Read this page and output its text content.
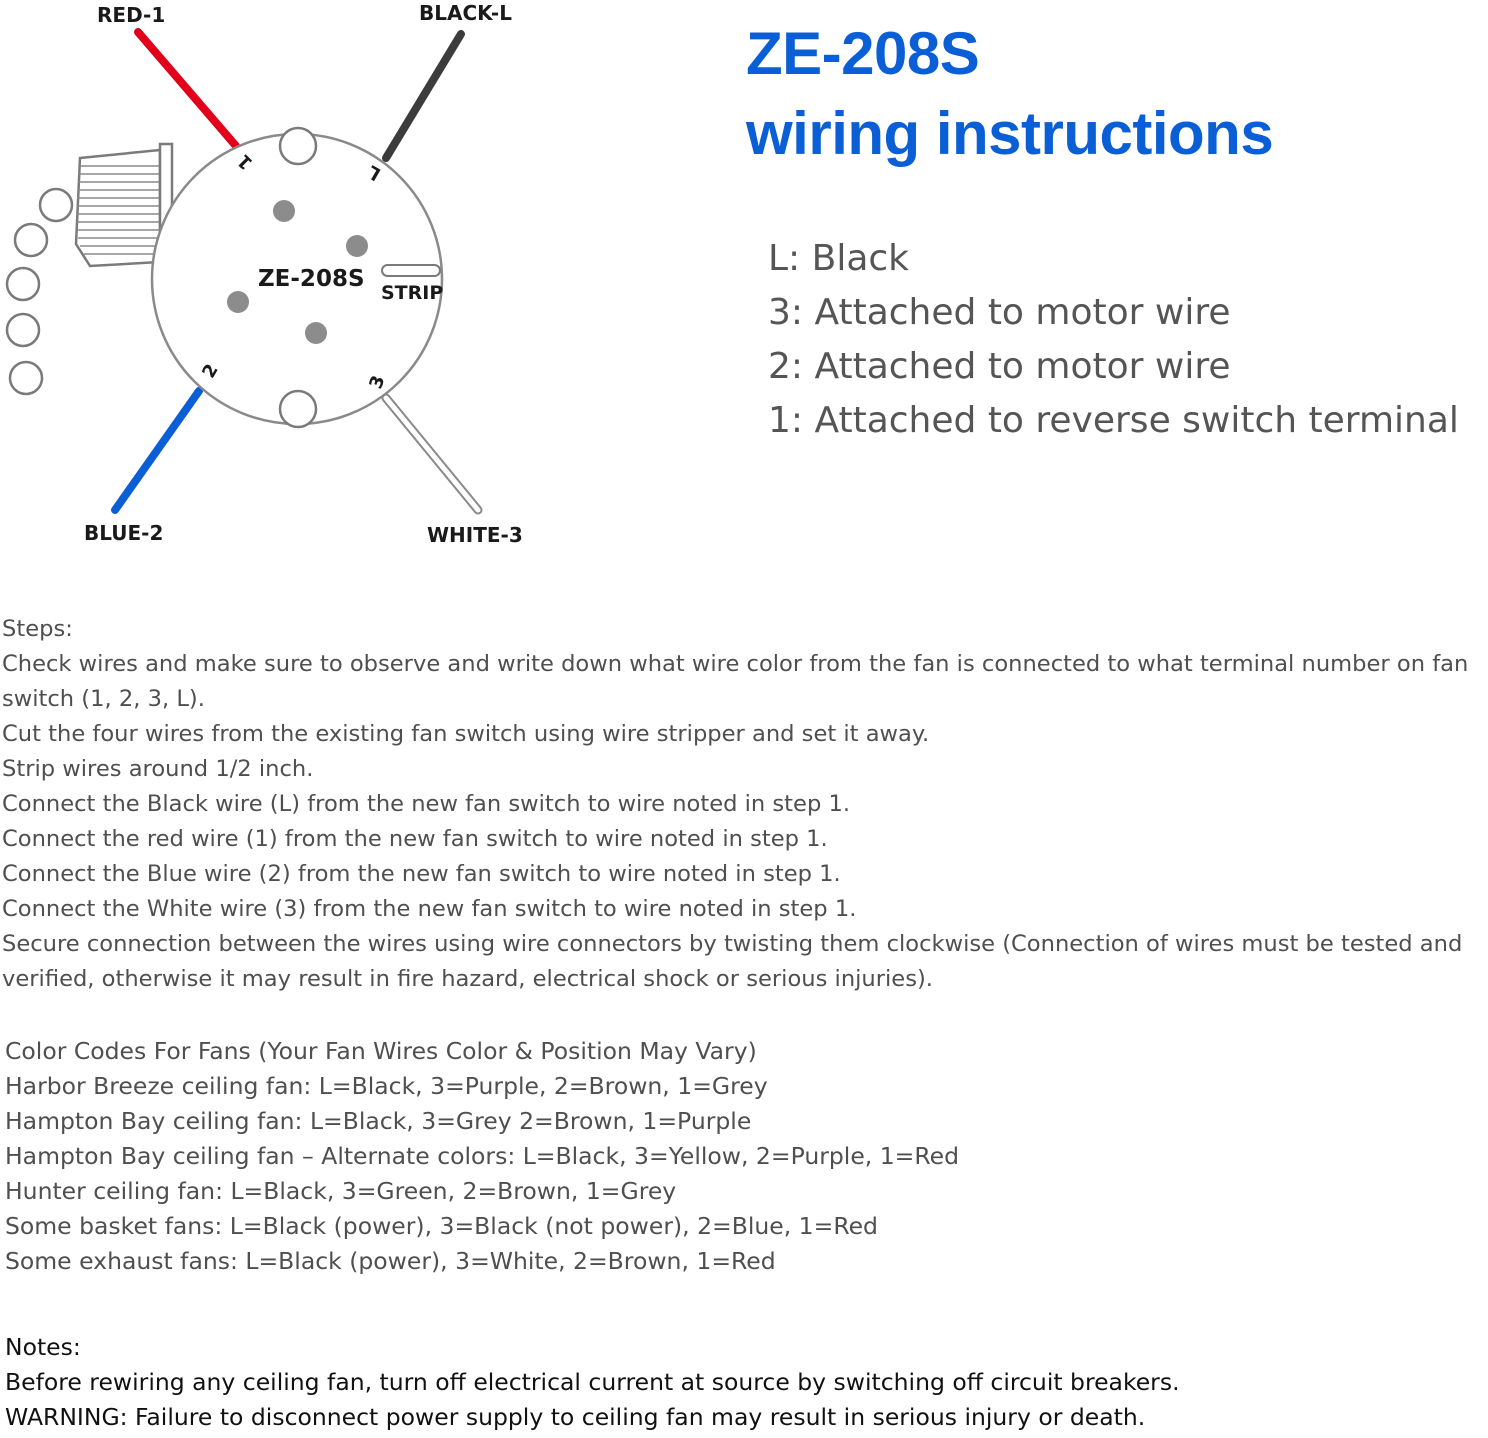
1	L
2
3
ZE-208S
STRIP
RED-1	BLACK-L
BLUE-2	WHITE-3
ZE-208S
wiring instructions
L: Black
3: Attached to motor wire
2: Attached to motor wire
1: Attached to reverse switch terminal
Steps:
Check wires and make sure to observe and write down what wire color from the fan is connected to what terminal number on fan switch (1, 2, 3, L).
Cut the four wires from the existing fan switch using wire stripper and set it away.
Strip wires around 1/2 inch.
Connect the Black wire (L) from the new fan switch to wire noted in step 1.
Connect the red wire (1) from the new fan switch to wire noted in step 1.
Connect the Blue wire (2) from the new fan switch to wire noted in step 1.
Connect the White wire (3) from the new fan switch to wire noted in step 1.
Secure connection between the wires using wire connectors by twisting them clockwise (Connection of wires must be tested and verified, otherwise it may result in fire hazard, electrical shock or serious injuries).
Color Codes For Fans (Your Fan Wires Color & Position May Vary)
Harbor Breeze ceiling fan: L=Black, 3=Purple, 2=Brown, 1=Grey
Hampton Bay ceiling fan: L=Black, 3=Grey 2=Brown, 1=Purple
Hampton Bay ceiling fan – Alternate colors: L=Black, 3=Yellow, 2=Purple, 1=Red
Hunter ceiling fan: L=Black, 3=Green, 2=Brown, 1=Grey
Some basket fans: L=Black (power), 3=Black (not power), 2=Blue, 1=Red
Some exhaust fans: L=Black (power), 3=White, 2=Brown, 1=Red
Notes:
Before rewiring any ceiling fan, turn off electrical current at source by switching off circuit breakers.
WARNING: Failure to disconnect power supply to ceiling fan may result in serious injury or death.
